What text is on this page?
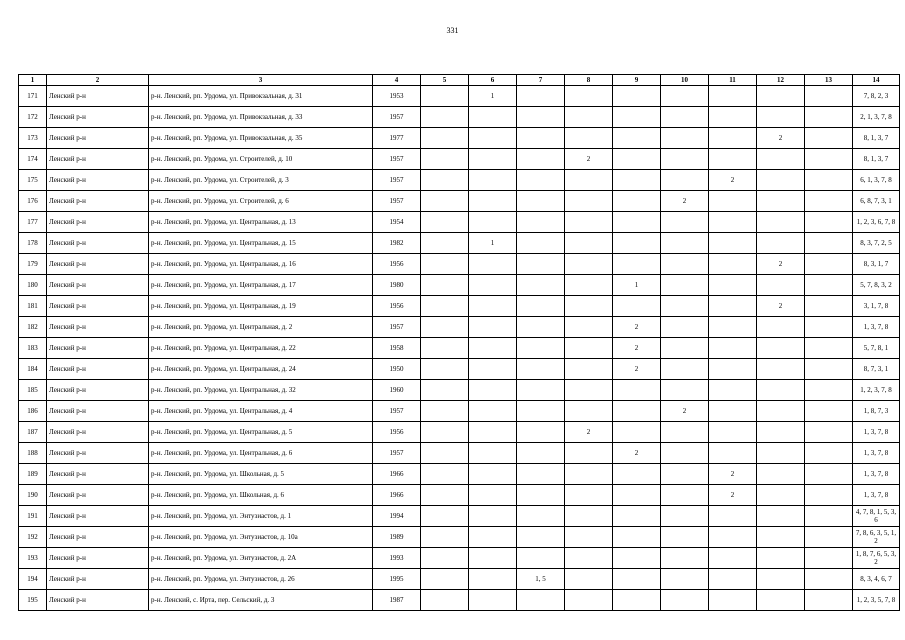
331
1	2	3	4	5	6	7	8	9	10	11	12	13	14
171	Ленский р-н	р-н. Ленский, рп. Урдома, ул. Привокзальная, д. 31	1953		1								7, 8, 2, 3
172	Ленский р-н	р-н. Ленский, рп. Урдома, ул. Привокзальная, д. 33	1957										2, 1, 3, 7, 8
173	Ленский р-н	р-н. Ленский, рп. Урдома, ул. Привокзальная, д. 35	1977								2		8, 1, 3, 7
174	Ленский р-н	р-н. Ленский, рп. Урдома, ул. Строителей, д. 10	1957				2						8, 1, 3, 7
175	Ленский р-н	р-н. Ленский, рп. Урдома, ул. Строителей, д. 3	1957							2			6, 1, 3, 7, 8
176	Ленский р-н	р-н. Ленский, рп. Урдома, ул. Строителей, д. 6	1957						2				6, 8, 7, 3, 1
177	Ленский р-н	р-н. Ленский, рп. Урдома, ул. Центральная, д. 13	1954										1, 2, 3, 6, 7, 8
178	Ленский р-н	р-н. Ленский, рп. Урдома, ул. Центральная, д. 15	1982		1								8, 3, 7, 2, 5
179	Ленский р-н	р-н. Ленский, рп. Урдома, ул. Центральная, д. 16	1956								2		8, 3, 1, 7
180	Ленский р-н	р-н. Ленский, рп. Урдома, ул. Центральная, д. 17	1980					1					5, 7, 8, 3, 2
181	Ленский р-н	р-н. Ленский, рп. Урдома, ул. Центральная, д. 19	1956								2		3, 1, 7, 8
182	Ленский р-н	р-н. Ленский, рп. Урдома, ул. Центральная, д. 2	1957					2					1, 3, 7, 8
183	Ленский р-н	р-н. Ленский, рп. Урдома, ул. Центральная, д. 22	1958					2					5, 7, 8, 1
184	Ленский р-н	р-н. Ленский, рп. Урдома, ул. Центральная, д. 24	1950					2					8, 7, 3, 1
185	Ленский р-н	р-н. Ленский, рп. Урдома, ул. Центральная, д. 32	1960										1, 2, 3, 7, 8
186	Ленский р-н	р-н. Ленский, рп. Урдома, ул. Центральная, д. 4	1957						2				1, 8, 7, 3
187	Ленский р-н	р-н. Ленский, рп. Урдома, ул. Центральная, д. 5	1956				2						1, 3, 7, 8
188	Ленский р-н	р-н. Ленский, рп. Урдома, ул. Центральная, д. 6	1957					2					1, 3, 7, 8
189	Ленский р-н	р-н. Ленский, рп. Урдома, ул. Школьная, д. 5	1966							2			1, 3, 7, 8
190	Ленский р-н	р-н. Ленский, рп. Урдома, ул. Школьная, д. 6	1966							2			1, 3, 7, 8
191	Ленский р-н	р-н. Ленский, рп. Урдома, ул. Энтузиастов, д. 1	1994										4, 7, 8, 1, 5, 3, 6
192	Ленский р-н	р-н. Ленский, рп. Урдома, ул. Энтузиастов, д. 10а	1989										7, 8, 6, 3, 5, 1, 2
193	Ленский р-н	р-н. Ленский, рп. Урдома, ул. Энтузиастов, д. 2А	1993										1, 8, 7, 6, 5, 3, 2
194	Ленский р-н	р-н. Ленский, рп. Урдома, ул. Энтузиастов, д. 26	1995			1, 5							8, 3, 4, 6, 7
195	Ленский р-н	р-н. Ленский, с. Ирта, пер. Сельский, д. 3	1987										1, 2, 3, 5, 7, 8
